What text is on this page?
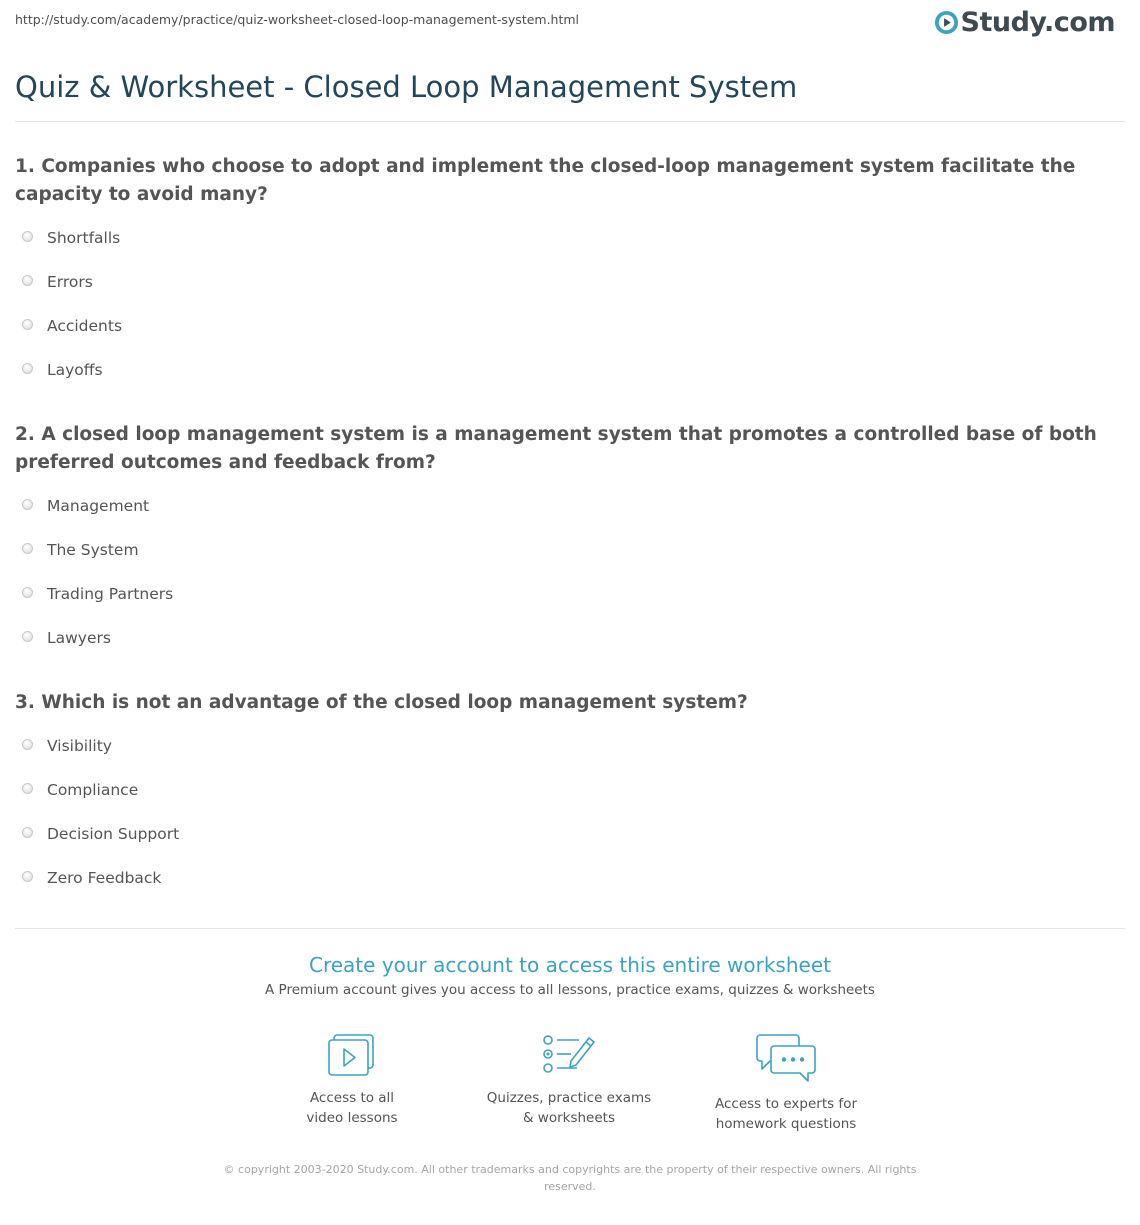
http://study.com/academy/practice/quiz-worksheet-closed-loop-management-system.html	Study.com
Quiz & Worksheet - Closed Loop Management System
1. Companies who choose to adopt and implement the closed-loop management system facilitate the capacity to avoid many?
Shortfalls
Errors
Accidents
Layoffs
2. A closed loop management system is a management system that promotes a controlled base of both preferred outcomes and feedback from?
Management
The System
Trading Partners
Lawyers
3. Which is not an advantage of the closed loop management system?
Visibility
Compliance
Decision Support
Zero Feedback
Create your account to access this entire worksheet
A Premium account gives you access to all lessons, practice exams, quizzes & worksheets
Access to all
video lessons
Quizzes, practice exams
& worksheets
Access to experts for
homework questions
© copyright 2003-2020 Study.com. All other trademarks and copyrights are the property of their respective owners. All rights reserved.
